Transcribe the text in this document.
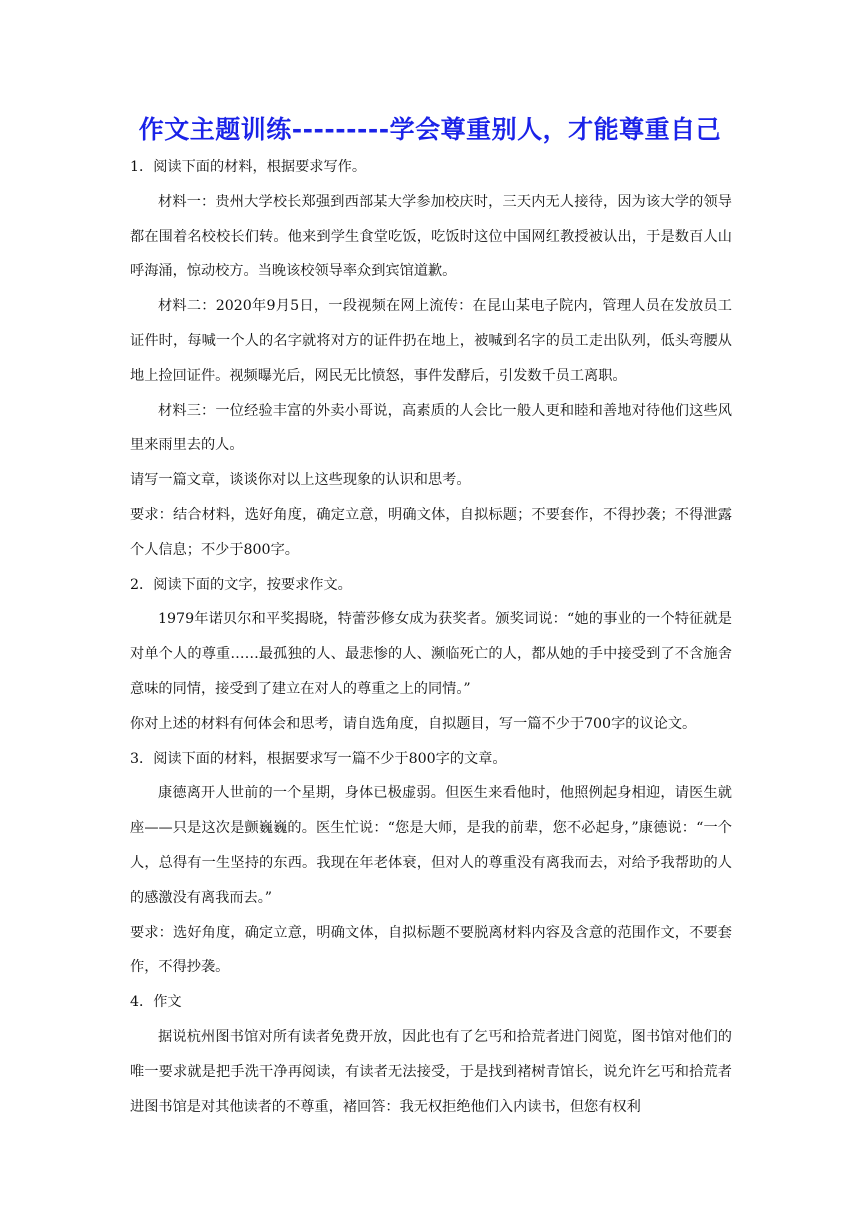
作文主题训练---------学会尊重别人，才能尊重自己

1．阅读下面的材料，根据要求写作。

材料一：贵州大学校长郑强到西部某大学参加校庆时，三天内无人接待，因为该大学的领导都在围着名校校长们转。他来到学生食堂吃饭，吃饭时这位中国网红教授被认出，于是数百人山呼海涌，惊动校方。当晚该校领导率众到宾馆道歉。

材料二：2020年9月5日，一段视频在网上流传：在昆山某电子院内，管理人员在发放员工证件时，每喊一个人的名字就将对方的证件扔在地上，被喊到名字的员工走出队列，低头弯腰从地上捡回证件。视频曝光后，网民无比愤怒，事件发酵后，引发数千员工离职。

材料三：一位经验丰富的外卖小哥说，高素质的人会比一般人更和睦和善地对待他们这些风里来雨里去的人。

请写一篇文章，谈谈你对以上这些现象的认识和思考。

要求：结合材料，选好角度，确定立意，明确文体，自拟标题；不要套作，不得抄袭；不得泄露个人信息；不少于800字。

2．阅读下面的文字，按要求作文。

1979年诺贝尔和平奖揭晓，特蕾莎修女成为获奖者。颁奖词说：“她的事业的一个特征就是对单个人的尊重……最孤独的人、最悲惨的人、濒临死亡的人，都从她的手中接受到了不含施舍意味的同情，接受到了建立在对人的尊重之上的同情。”

你对上述的材料有何体会和思考，请自选角度，自拟题目，写一篇不少于700字的议论文。

3．阅读下面的材料，根据要求写一篇不少于800字的文章。

康德离开人世前的一个星期，身体已极虚弱。但医生来看他时，他照例起身相迎，请医生就座——只是这次是颤巍巍的。医生忙说：“您是大师，是我的前辈，您不必起身，”康德说：“一个人，总得有一生坚持的东西。我现在年老体衰，但对人的尊重没有离我而去，对给予我帮助的人的感激没有离我而去。”

要求：选好角度，确定立意，明确文体，自拟标题不要脱离材料内容及含意的范围作文，不要套作，不得抄袭。

4．作文

据说杭州图书馆对所有读者免费开放，因此也有了乞丐和拾荒者进门阅览，图书馆对他们的唯一要求就是把手洗干净再阅读，有读者无法接受，于是找到褚树青馆长，说允许乞丐和拾荒者进图书馆是对其他读者的不尊重，褚回答：我无权拒绝他们入内读书，但您有权利
